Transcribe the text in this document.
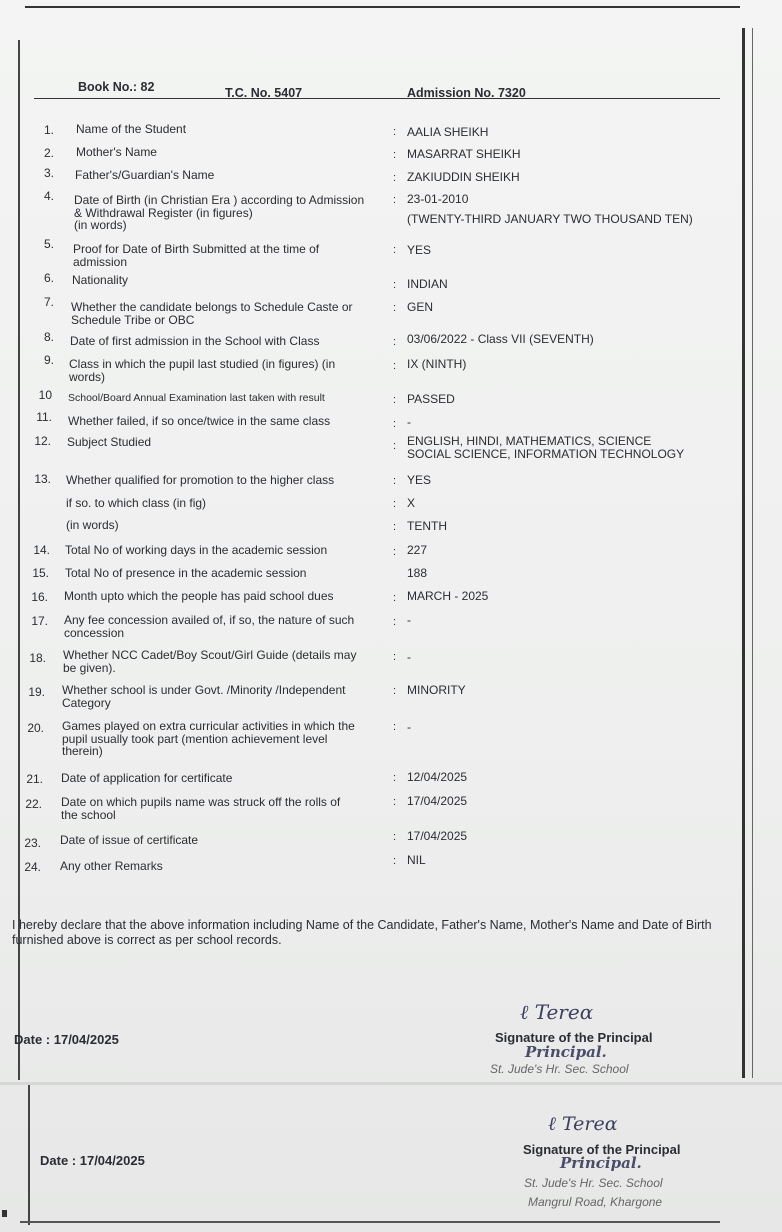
Book No.: 82	T.C. No. 5407	Admission No. 7320
1. Name of the Student	: AALIA SHEIKH
2. Mother's Name	: MASARRAT SHEIKH
3. Father's/Guardian's Name	: ZAKIUDDIN SHEIKH
4. Date of Birth (in Christian Era ) according to Admission
& Withdrawal Register (in figures)
(in words)
: 23-01-2010
(TWENTY-THIRD JANUARY TWO THOUSAND TEN)
5. Proof for Date of Birth Submitted at the time of
admission
: YES
6. Nationality	: INDIAN
7. Whether the candidate belongs to Schedule Caste or
Schedule Tribe or OBC
: GEN
8. Date of first admission in the School with Class	: 03/06/2022 - Class VII (SEVENTH)
9. Class in which the pupil last studied (in figures) (in
words)
: IX (NINTH)
10 School/Board Annual Examination last taken with result	: PASSED
11. Whether failed, if so once/twice in the same class	: -
12. Subject Studied	: ENGLISH, HINDI, MATHEMATICS, SCIENCE
SOCIAL SCIENCE, INFORMATION TECHNOLOGY
13. Whether qualified for promotion to the higher class	: YES
if so. to which class (in fig)	: X
(in words)	: TENTH
14. Total No of working days in the academic session	: 227
15. Total No of presence in the academic session	188
16. Month upto which the people has paid school dues	: MARCH - 2025
17. Any fee concession availed of, if so, the nature of such
concession
: -
18. Whether NCC Cadet/Boy Scout/Girl Guide (details may
be given).
: -
19. Whether school is under Govt. /Minority /Independent
Category
: MINORITY
20. Games played on extra curricular activities in which the
pupil usually took part (mention achievement level
therein)
: -
21. Date of application for certificate	: 12/04/2025
22. Date on which pupils name was struck off the rolls of
the school
: 17/04/2025
23. Date of issue of certificate	: 17/04/2025
24. Any other Remarks	: NIL
I hereby declare that the above information including Name of the Candidate, Father's Name, Mother's Name and Date of Birth furnished above is correct as per school records.
Date : 17/04/2025
ℓ Tereɑ
Signature of the Principal
Principal.
St. Jude's Hr. Sec. School
Date : 17/04/2025
ℓ Tereɑ
Signature of the Principal
Principal.
St. Jude's Hr. Sec. School
Mangrul Road, Khargone
